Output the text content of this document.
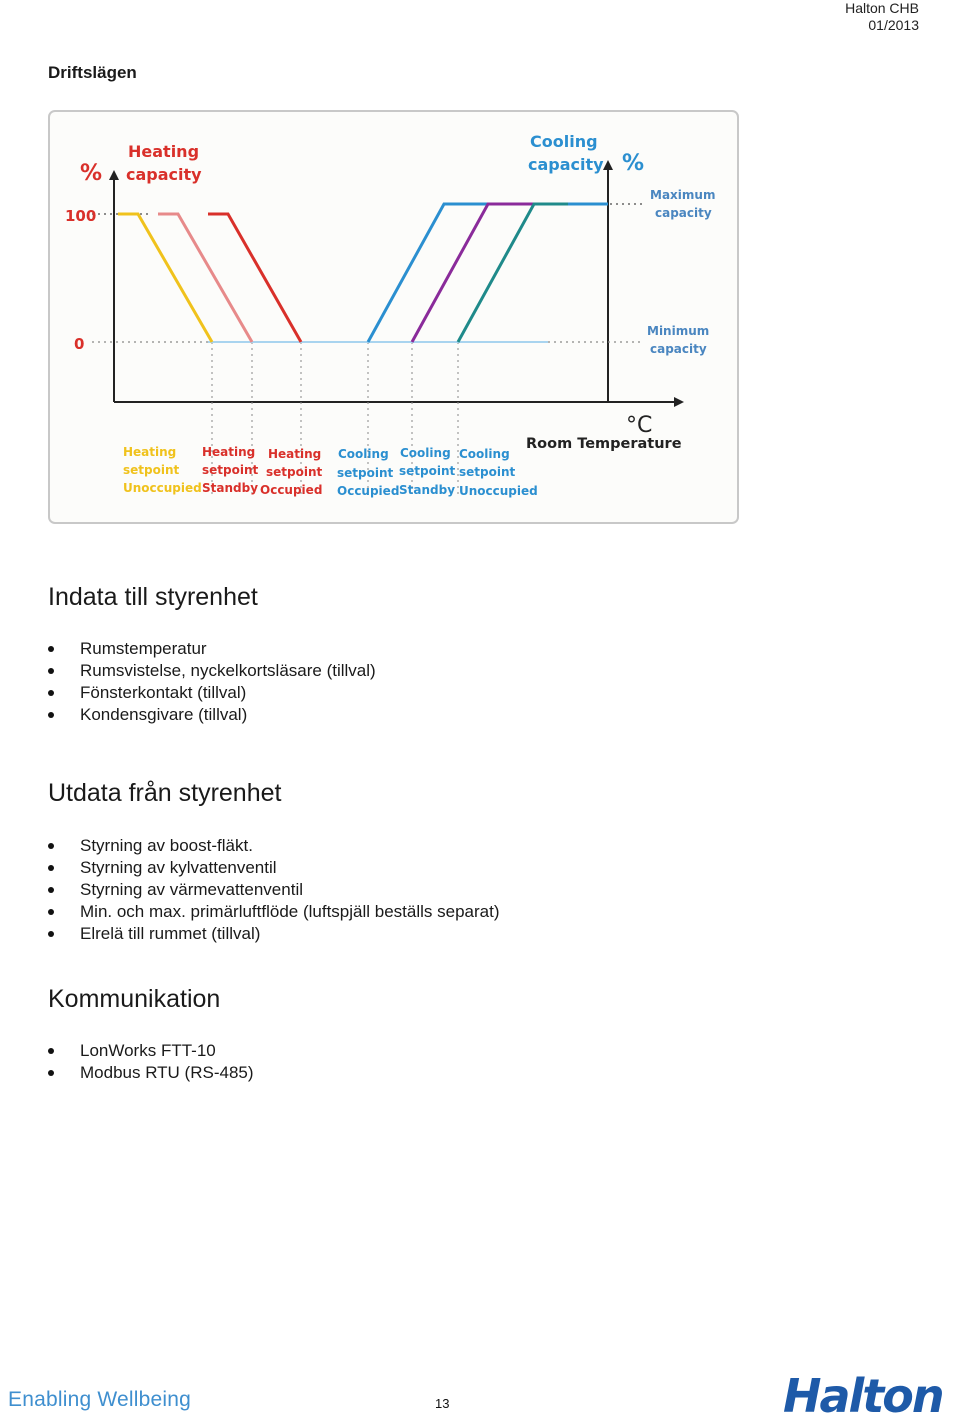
Halton CHB
01/2013
Driftslägen
Heating
capacity
%
100
0
Cooling
capacity %
Maximum
capacity
Minimum
capacity
°C
Room Temperature
Heating
setpoint
Unoccupied
Heating
setpoint
Standby
Heating
setpoint
Occupied
Cooling
setpoint
Occupied
Cooling
setpoint
Standby
Cooling
setpoint
Unoccupied
Indata till styrenhet
Rumstemperatur
Rumsvistelse, nyckelkortsläsare (tillval)
Fönsterkontakt (tillval)
Kondensgivare (tillval)
Utdata från styrenhet
Styrning av boost-fläkt.
Styrning av kylvattenventil
Styrning av värmevattenventil
Min. och max. primärluftflöde (luftspjäll beställs separat)
Elrelä till rummet (tillval)
Kommunikation
LonWorks FTT-10
Modbus RTU (RS-485)
Enabling Wellbeing	13	Halton
